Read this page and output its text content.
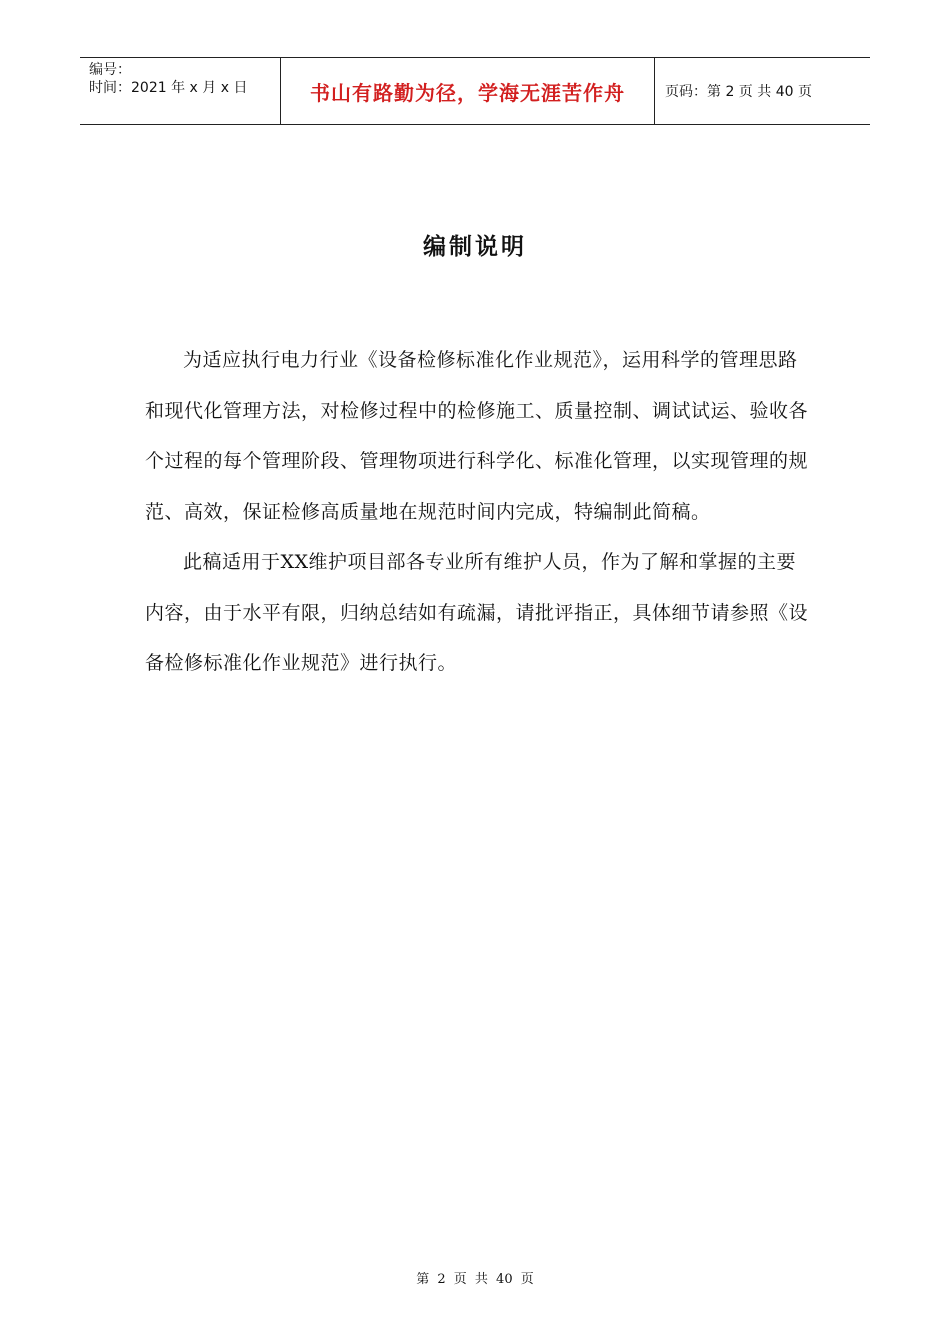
编号：
时间：2021 年 x 月 x 日	书山有路勤为径，学海无涯苦作舟	页码：第 2 页 共 40 页
编制说明

为适应执行电力行业《设备检修标准化作业规范》，运用科学的管理思路和现代化管理方法，对检修过程中的检修施工、质量控制、调试试运、验收各个过程的每个管理阶段、管理物项进行科学化、标准化管理，以实现管理的规范、高效，保证检修高质量地在规范时间内完成，特编制此简稿。

此稿适用于XX维护项目部各专业所有维护人员，作为了解和掌握的主要内容，由于水平有限，归纳总结如有疏漏，请批评指正，具体细节请参照《设备检修标准化作业规范》进行执行。

第 2 页 共 40 页
